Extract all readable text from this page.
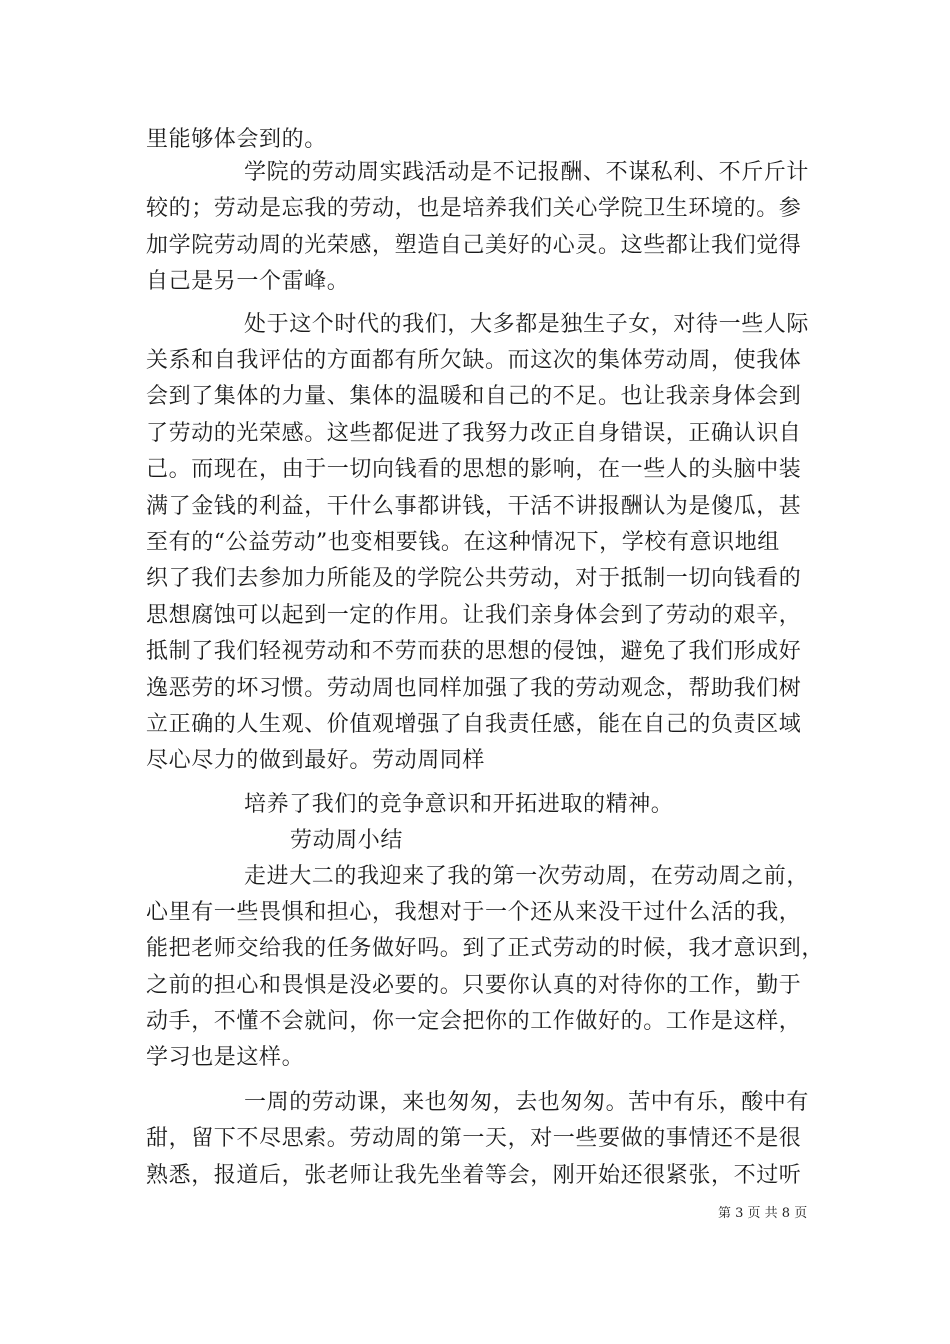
里能够体会到的。
学院的劳动周实践活动是不记报酬、不谋私利、不斤斤计
较的；劳动是忘我的劳动，也是培养我们关心学院卫生环境的。参
加学院劳动周的光荣感，塑造自己美好的心灵。这些都让我们觉得
自己是另一个雷峰。
处于这个时代的我们，大多都是独生子女，对待一些人际
关系和自我评估的方面都有所欠缺。而这次的集体劳动周，使我体
会到了集体的力量、集体的温暖和自己的不足。也让我亲身体会到
了劳动的光荣感。这些都促进了我努力改正自身错误，正确认识自
己。而现在，由于一切向钱看的思想的影响，在一些人的头脑中装
满了金钱的利益，干什么事都讲钱，干活不讲报酬认为是傻瓜，甚
至有的“公益劳动”也变相要钱。在这种情况下，学校有意识地组
织了我们去参加力所能及的学院公共劳动，对于抵制一切向钱看的
思想腐蚀可以起到一定的作用。让我们亲身体会到了劳动的艰辛，
抵制了我们轻视劳动和不劳而获的思想的侵蚀，避免了我们形成好
逸恶劳的坏习惯。劳动周也同样加强了我的劳动观念，帮助我们树
立正确的人生观、价值观增强了自我责任感，能在自己的负责区域
尽心尽力的做到最好。劳动周同样
培养了我们的竞争意识和开拓进取的精神。
劳动周小结
走进大二的我迎来了我的第一次劳动周，在劳动周之前，
心里有一些畏惧和担心，我想对于一个还从来没干过什么活的我，
能把老师交给我的任务做好吗。到了正式劳动的时候，我才意识到，
之前的担心和畏惧是没必要的。只要你认真的对待你的工作，勤于
动手，不懂不会就问，你一定会把你的工作做好的。工作是这样，
学习也是这样。
一周的劳动课，来也匆匆，去也匆匆。苦中有乐，酸中有
甜，留下不尽思索。劳动周的第一天，对一些要做的事情还不是很
熟悉，报道后，张老师让我先坐着等会，刚开始还很紧张，不过听
第 3 页 共 8 页
